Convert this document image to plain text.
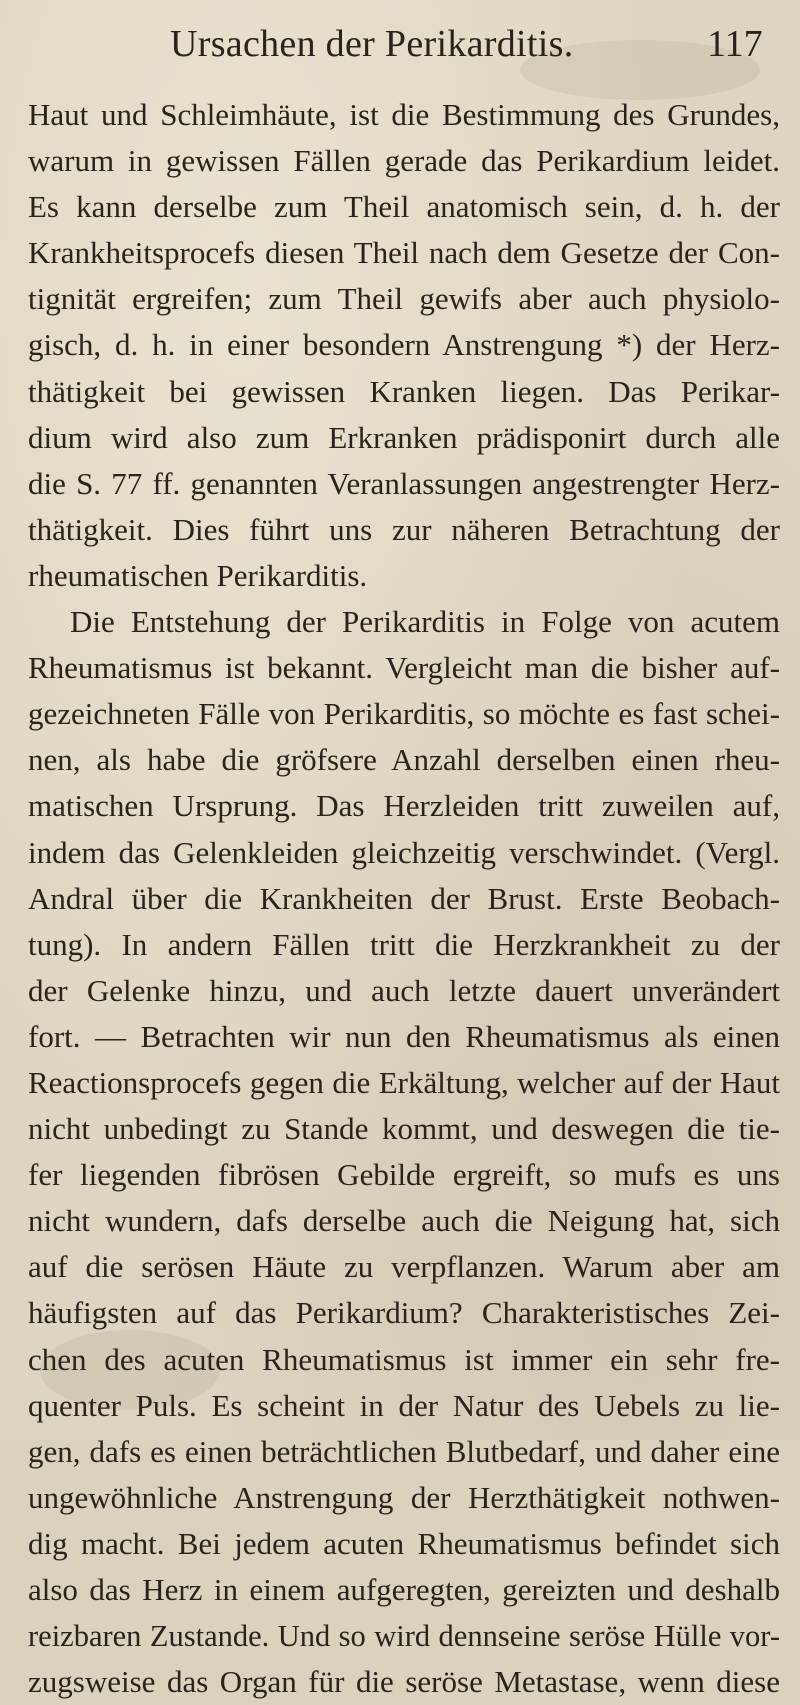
Ursachen der Perikarditis.	117
Haut und Schleimhäute, ist die Bestimmung des Grundes,
warum in gewissen Fällen gerade das Perikardium leidet.
Es kann derselbe zum Theil anatomisch sein, d. h. der
Krankheitsprocefs diesen Theil nach dem Gesetze der Con-
tignität ergreifen; zum Theil gewifs aber auch physiolo-
gisch, d. h. in einer besondern Anstrengung *) der Herz-
thätigkeit bei gewissen Kranken liegen. Das Perikar-
dium wird also zum Erkranken prädisponirt durch alle
die S. 77 ff. genannten Veranlassungen angestrengter Herz-
thätigkeit. Dies führt uns zur näheren Betrachtung der
rheumatischen Perikarditis.
Die Entstehung der Perikarditis in Folge von acutem
Rheumatismus ist bekannt. Vergleicht man die bisher auf-
gezeichneten Fälle von Perikarditis, so möchte es fast schei-
nen, als habe die gröfsere Anzahl derselben einen rheu-
matischen Ursprung. Das Herzleiden tritt zuweilen auf,
indem das Gelenkleiden gleichzeitig verschwindet. (Vergl.
Andral über die Krankheiten der Brust. Erste Beobach-
tung). In andern Fällen tritt die Herzkrankheit zu der
der Gelenke hinzu, und auch letzte dauert unverändert
fort. — Betrachten wir nun den Rheumatismus als einen
Reactionsprocefs gegen die Erkältung, welcher auf der Haut
nicht unbedingt zu Stande kommt, und deswegen die tie-
fer liegenden fibrösen Gebilde ergreift, so mufs es uns
nicht wundern, dafs derselbe auch die Neigung hat, sich
auf die serösen Häute zu verpflanzen. Warum aber am
häufigsten auf das Perikardium? Charakteristisches Zei-
chen des acuten Rheumatismus ist immer ein sehr fre-
quenter Puls. Es scheint in der Natur des Uebels zu lie-
gen, dafs es einen beträchtlichen Blutbedarf, und daher eine
ungewöhnliche Anstrengung der Herzthätigkeit nothwen-
dig macht. Bei jedem acuten Rheumatismus befindet sich
also das Herz in einem aufgeregten, gereizten und deshalb
reizbaren Zustande. Und so wird dennseine seröse Hülle vor-
zugsweise das Organ für die seröse Metastase, wenn diese
